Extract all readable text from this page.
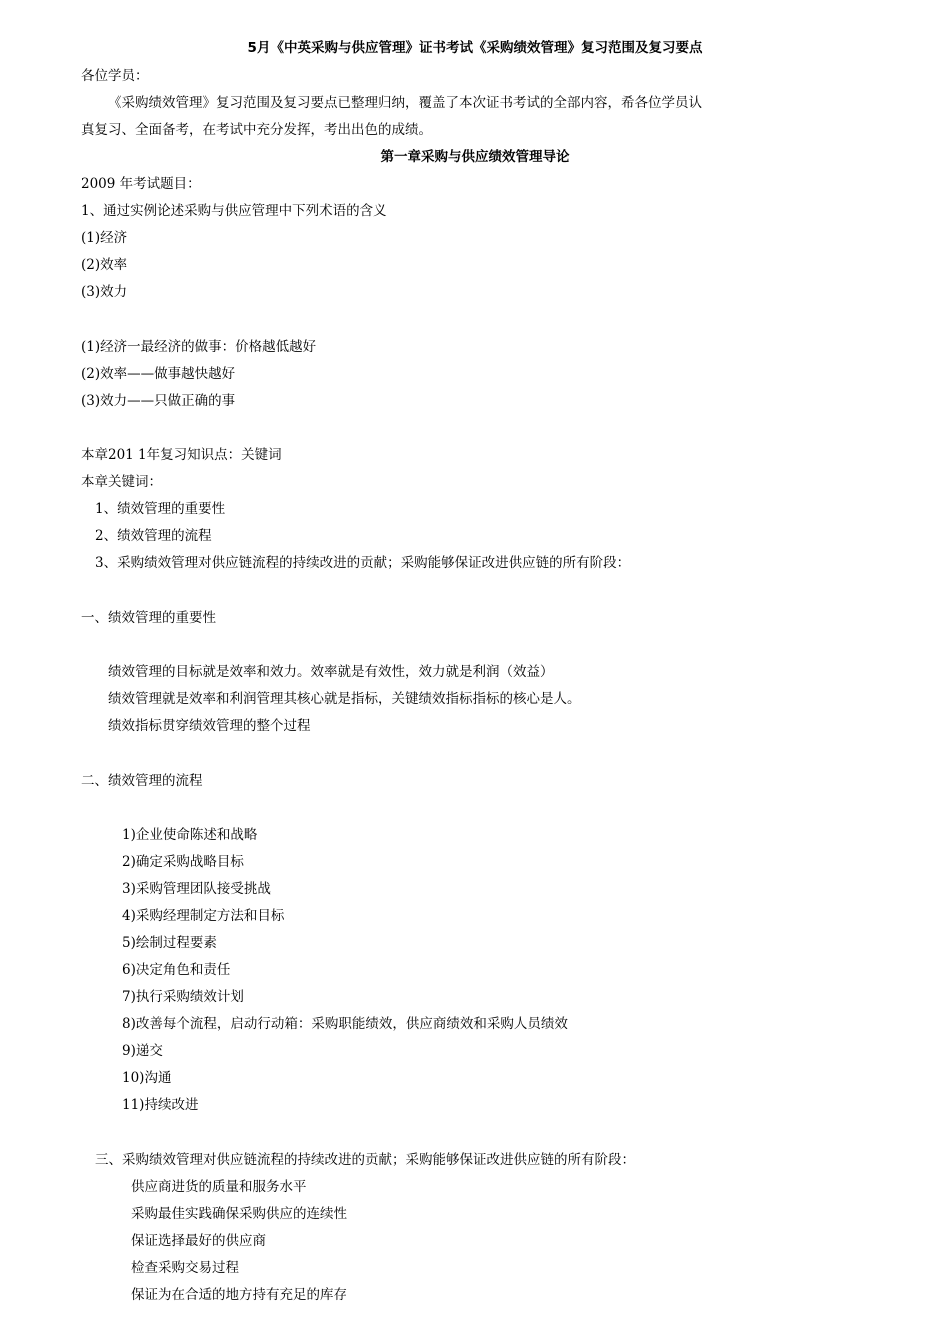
5月《中英采购与供应管理》证书考试《采购绩效管理》复习范围及复习要点
各位学员：
《采购绩效管理》复习范围及复习要点已整理归纳，覆盖了本次证书考试的全部内容，希各位学员认
真复习、全面备考，在考试中充分发挥，考出出色的成绩。
第一章采购与供应绩效管理导论
2009 年考试题目：
1、通过实例论述采购与供应管理中下列术语的含义
(1)经济
(2)效率
(3)效力
(1)经济一最经济的做事：价格越低越好
(2)效率——做事越快越好
(3)效力——只做正确的事
本章201 1年复习知识点：关键词
本章关键词：
1、绩效管理的重要性
2、绩效管理的流程
3、采购绩效管理对供应链流程的持续改进的贡献；采购能够保证改进供应链的所有阶段：
一、绩效管理的重要性
绩效管理的目标就是效率和效力。效率就是有效性，效力就是利润（效益）
绩效管理就是效率和利润管理其核心就是指标，关键绩效指标指标的核心是人。
绩效指标贯穿绩效管理的整个过程
二、绩效管理的流程
1)企业使命陈述和战略
2)确定采购战略目标
3)采购管理团队接受挑战
4)采购经理制定方法和目标
5)绘制过程要素
6)决定角色和责任
7)执行采购绩效计划
8)改善每个流程，启动行动箱：采购职能绩效，供应商绩效和采购人员绩效
9)递交
10)沟通
11)持续改进
三、采购绩效管理对供应链流程的持续改进的贡献；采购能够保证改进供应链的所有阶段：
供应商进货的质量和服务水平
采购最佳实践确保采购供应的连续性
保证选择最好的供应商
检查采购交易过程
保证为在合适的地方持有充足的库存
